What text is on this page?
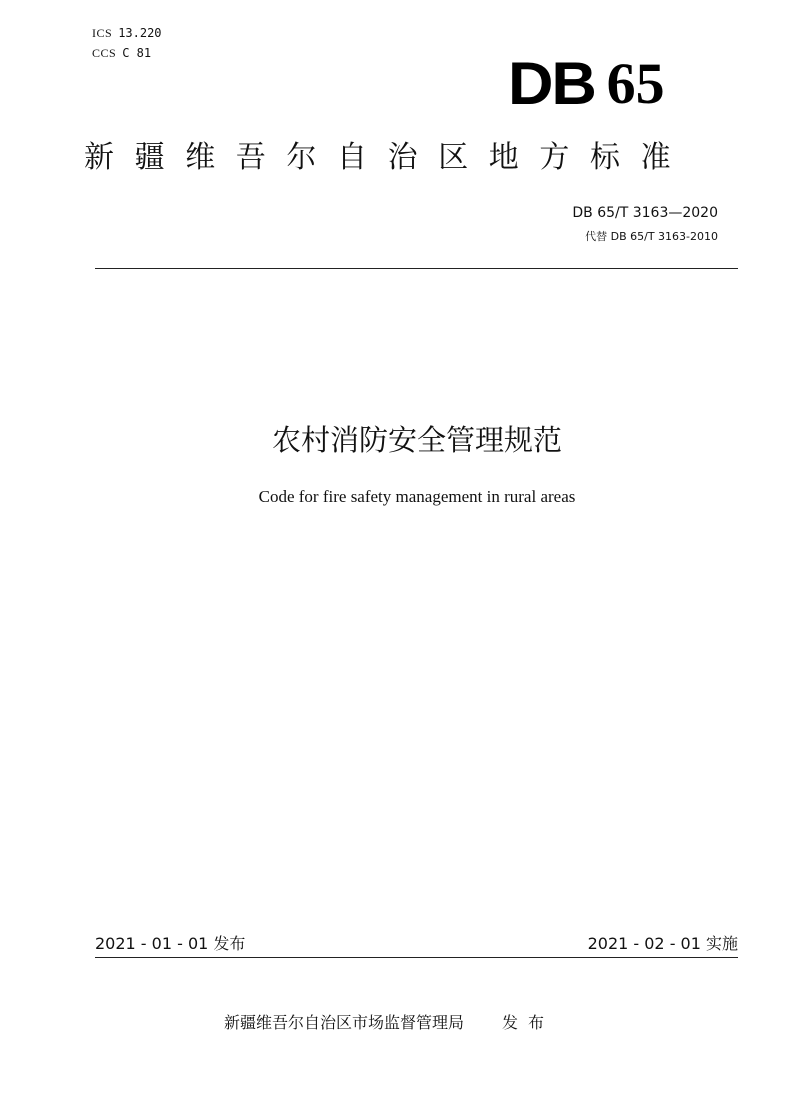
ICS 13.220
CCS C 81	DB 65
新疆维吾尔自治区地方标准
DB 65/T 3163—2020
代替 DB 65/T 3163-2010
农村消防安全管理规范
Code for fire safety management in rural areas
2021 - 01 - 01 发布	2021 - 02 - 01 实施
新疆维吾尔自治区市场监督管理局 发布
